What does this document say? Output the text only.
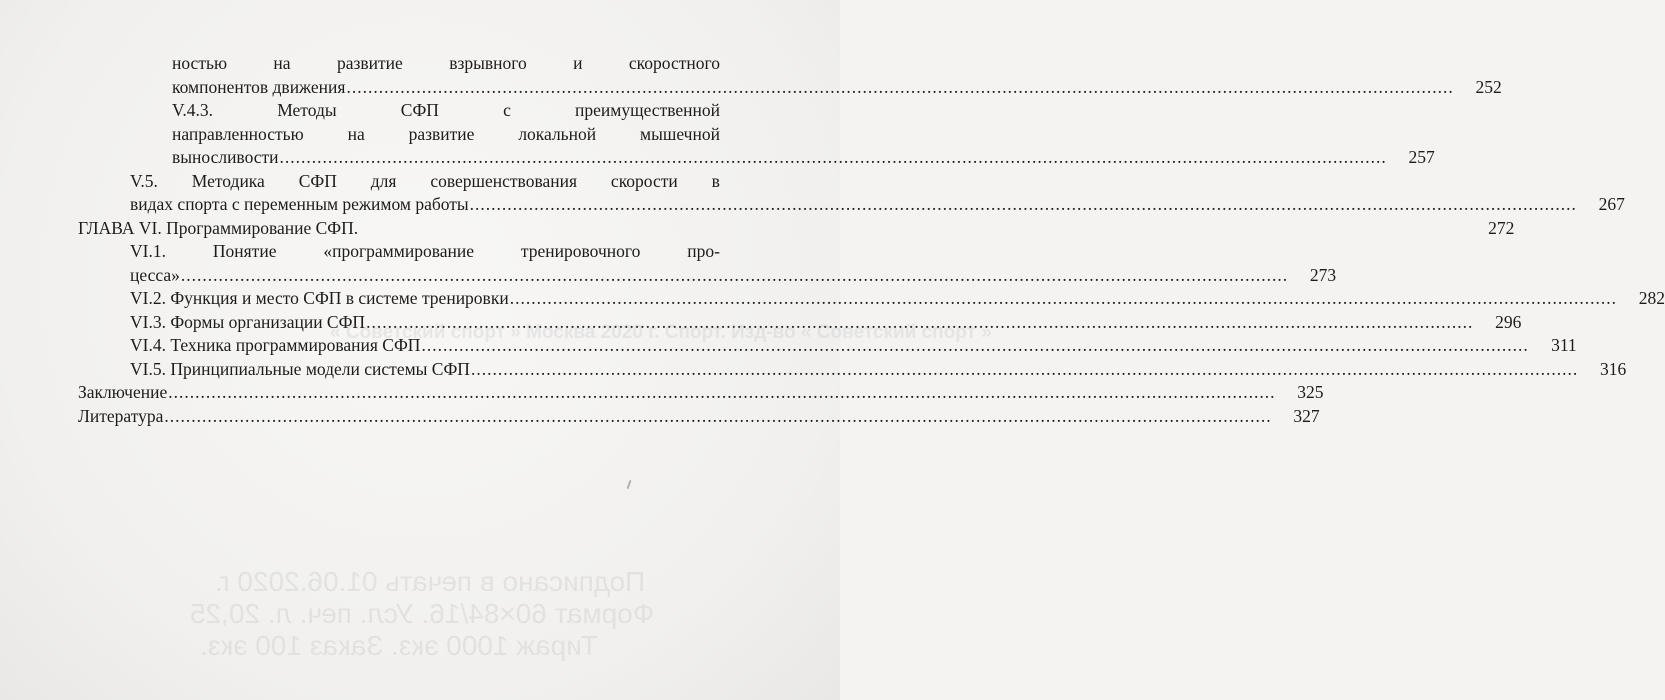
ностью	на	развитие	взрывного	и	скоростного
компонентов движения .....	252
V.4.3.	Методы	СФП	с	преимущественной
направленностью	на	развитие	локальной	мышечной
выносливости .....	257
V.5. Методика СФП для совершенствования скорости в
видах спорта с переменным режимом работы .....	267
ГЛАВА VI. Программирование СФП.	272
VI.1.	Понятие	«программирование	тренировочного	про-
цесса» .....	273
VI.2. Функция и место СФП в системе тренировки .....	282
VI.3. Формы организации СФП .....	296
VI.4. Техника программирования СФП .....	311
VI.5. Принципиальные модели системы СФП .....	316
Заключение .....	325
Литература .....	327
« Советский спорт » Москва 2020 г. Спорт. Изд-во « Советский спорт »
Подписано в печать 01.06.2020 г.
Формат 60×84/16. Усл. печ. л. 20,25
Тираж 1000 экз. Заказ 100 экз.
